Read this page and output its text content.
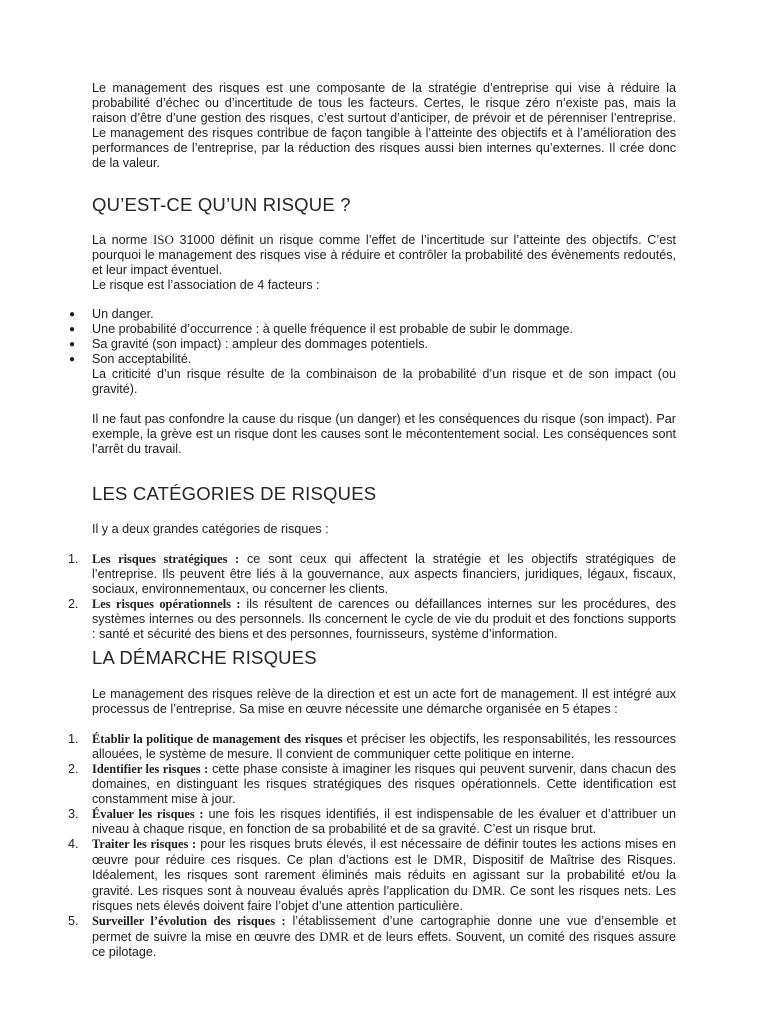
Le management des risques est une composante de la stratégie d’entreprise qui vise à réduire la probabilité d’échec ou d’incertitude de tous les facteurs. Certes, le risque zéro n’existe pas, mais la raison d’être d’une gestion des risques, c’est surtout d’anticiper, de prévoir et de pérenniser l’entreprise. Le management des risques contribue de façon tangible à l’atteinte des objectifs et à l’amélioration des performances de l’entreprise, par la réduction des risques aussi bien internes qu’externes. Il crée donc de la valeur.

QU’EST-CE QU’UN RISQUE ?

La norme ISO 31000 définit un risque comme l’effet de l’incertitude sur l’atteinte des objectifs. C’est pourquoi le management des risques vise à réduire et contrôler la probabilité des évènements redoutés, et leur impact éventuel.

Le risque est l’association de 4 facteurs :

● Un danger.
● Une probabilité d’occurrence : à quelle fréquence il est probable de subir le dommage.
● Sa gravité (son impact) : ampleur des dommages potentiels.
● Son acceptabilité.
La criticité d’un risque résulte de la combinaison de la probabilité d’un risque et de son impact (ou gravité).

Il ne faut pas confondre la cause du risque (un danger) et les conséquences du risque (son impact). Par exemple, la grève est un risque dont les causes sont le mécontentement social. Les conséquences sont l’arrêt du travail.

LES CATÉGORIES DE RISQUES

Il y a deux grandes catégories de risques :

1. Les risques stratégiques : ce sont ceux qui affectent la stratégie et les objectifs stratégiques de l’entreprise. Ils peuvent être liés à la gouvernance, aux aspects financiers, juridiques, légaux, fiscaux, sociaux, environnementaux, ou concerner les clients.
2. Les risques opérationnels : ils résultent de carences ou défaillances internes sur les procédures, des systèmes internes ou des personnels. Ils concernent le cycle de vie du produit et des fonctions supports : santé et sécurité des biens et des personnes, fournisseurs, système d’information.
LA DÉMARCHE RISQUES

Le management des risques relève de la direction et est un acte fort de management. Il est intégré aux processus de l’entreprise. Sa mise en œuvre nécessite une démarche organisée en 5 étapes :

1. Établir la politique de management des risques et préciser les objectifs, les responsabilités, les ressources allouées, le système de mesure. Il convient de communiquer cette politique en interne.
2. Identifier les risques : cette phase consiste à imaginer les risques qui peuvent survenir, dans chacun des domaines, en distinguant les risques stratégiques des risques opérationnels. Cette identification est constamment mise à jour.
3. Évaluer les risques : une fois les risques identifiés, il est indispensable de les évaluer et d’attribuer un niveau à chaque risque, en fonction de sa probabilité et de sa gravité. C’est un risque brut.
4. Traiter les risques : pour les risques bruts élevés, il est nécessaire de définir toutes les actions mises en œuvre pour réduire ces risques. Ce plan d’actions est le DMR, Dispositif de Maîtrise des Risques. Idéalement, les risques sont rarement éliminés mais réduits en agissant sur la probabilité et/ou la gravité. Les risques sont à nouveau évalués après l’application du DMR. Ce sont les risques nets. Les risques nets élevés doivent faire l’objet d’une attention particulière.
5. Surveiller l’évolution des risques : l’établissement d’une cartographie donne une vue d’ensemble et permet de suivre la mise en œuvre des DMR et de leurs effets. Souvent, un comité des risques assure ce pilotage.
